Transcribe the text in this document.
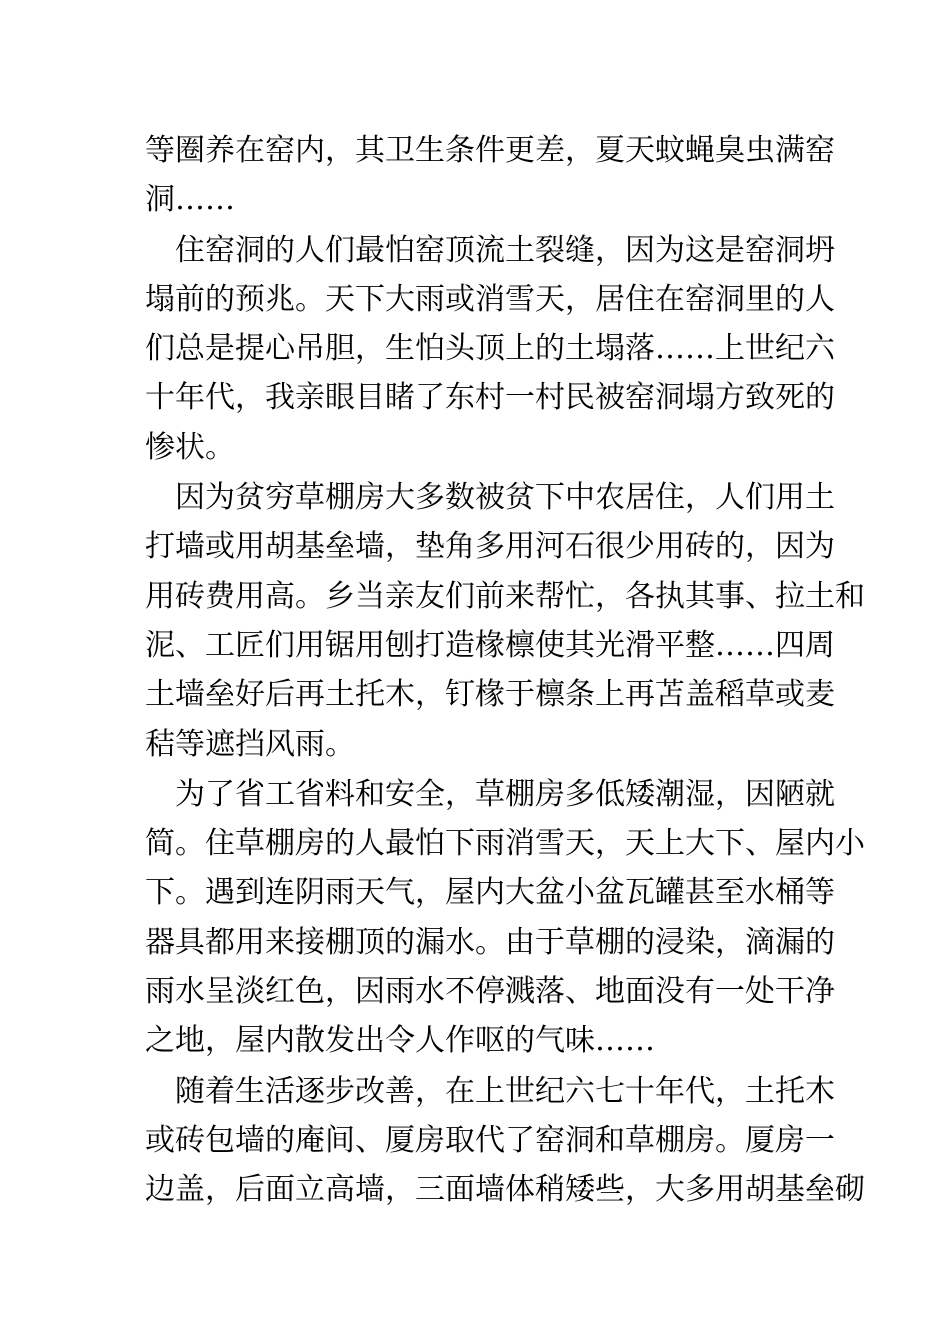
等圈养在窑内，其卫生条件更差，夏天蚊蝇臭虫满窑
洞……

　住窑洞的人们最怕窑顶流土裂缝，因为这是窑洞坍
塌前的预兆。天下大雨或消雪天，居住在窑洞里的人
们总是提心吊胆，生怕头顶上的土塌落……上世纪六
十年代，我亲眼目睹了东村一村民被窑洞塌方致死的
惨状。

　因为贫穷草棚房大多数被贫下中农居住，人们用土
打墙或用胡基垒墙，垫角多用河石很少用砖的，因为
用砖费用高。乡当亲友们前来帮忙，各执其事、拉土和
泥、工匠们用锯用刨打造椽檩使其光滑平整……四周
土墙垒好后再土托木，钉椽于檩条上再苫盖稻草或麦
秸等遮挡风雨。

　为了省工省料和安全，草棚房多低矮潮湿，因陋就
简。住草棚房的人最怕下雨消雪天，天上大下、屋内小
下。遇到连阴雨天气，屋内大盆小盆瓦罐甚至水桶等
器具都用来接棚顶的漏水。由于草棚的浸染，滴漏的
雨水呈淡红色，因雨水不停溅落、地面没有一处干净
之地，屋内散发出令人作呕的气味……

　随着生活逐步改善，在上世纪六七十年代，土托木
或砖包墙的庵间、厦房取代了窑洞和草棚房。厦房一
边盖，后面立高墙，三面墙体稍矮些，大多用胡基垒砌
